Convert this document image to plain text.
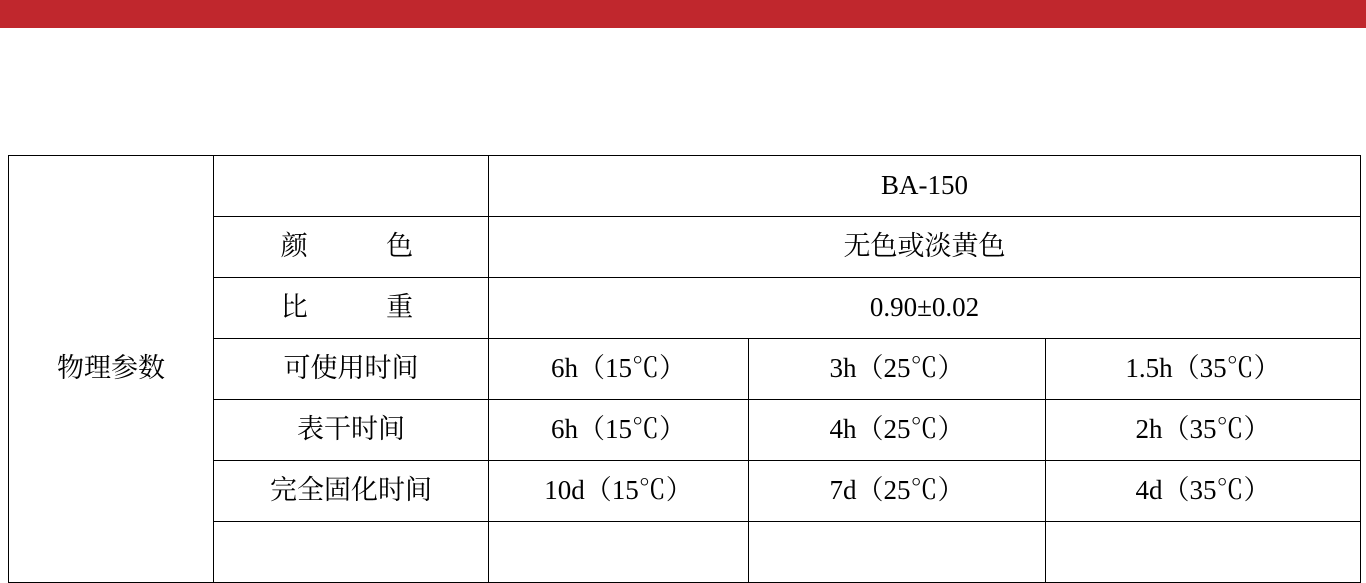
物理参数		BA-150		
	颜　　色	无色或淡黄色		
	比　　重	0.90±0.02		
	可使用时间	6h（15℃）	3h（25℃）	1.5h（35℃）
	表干时间	6h（15℃）	4h（25℃）	2h（35℃）
	完全固化时间	10d（15℃）	7d（25℃）	4d（35℃）
